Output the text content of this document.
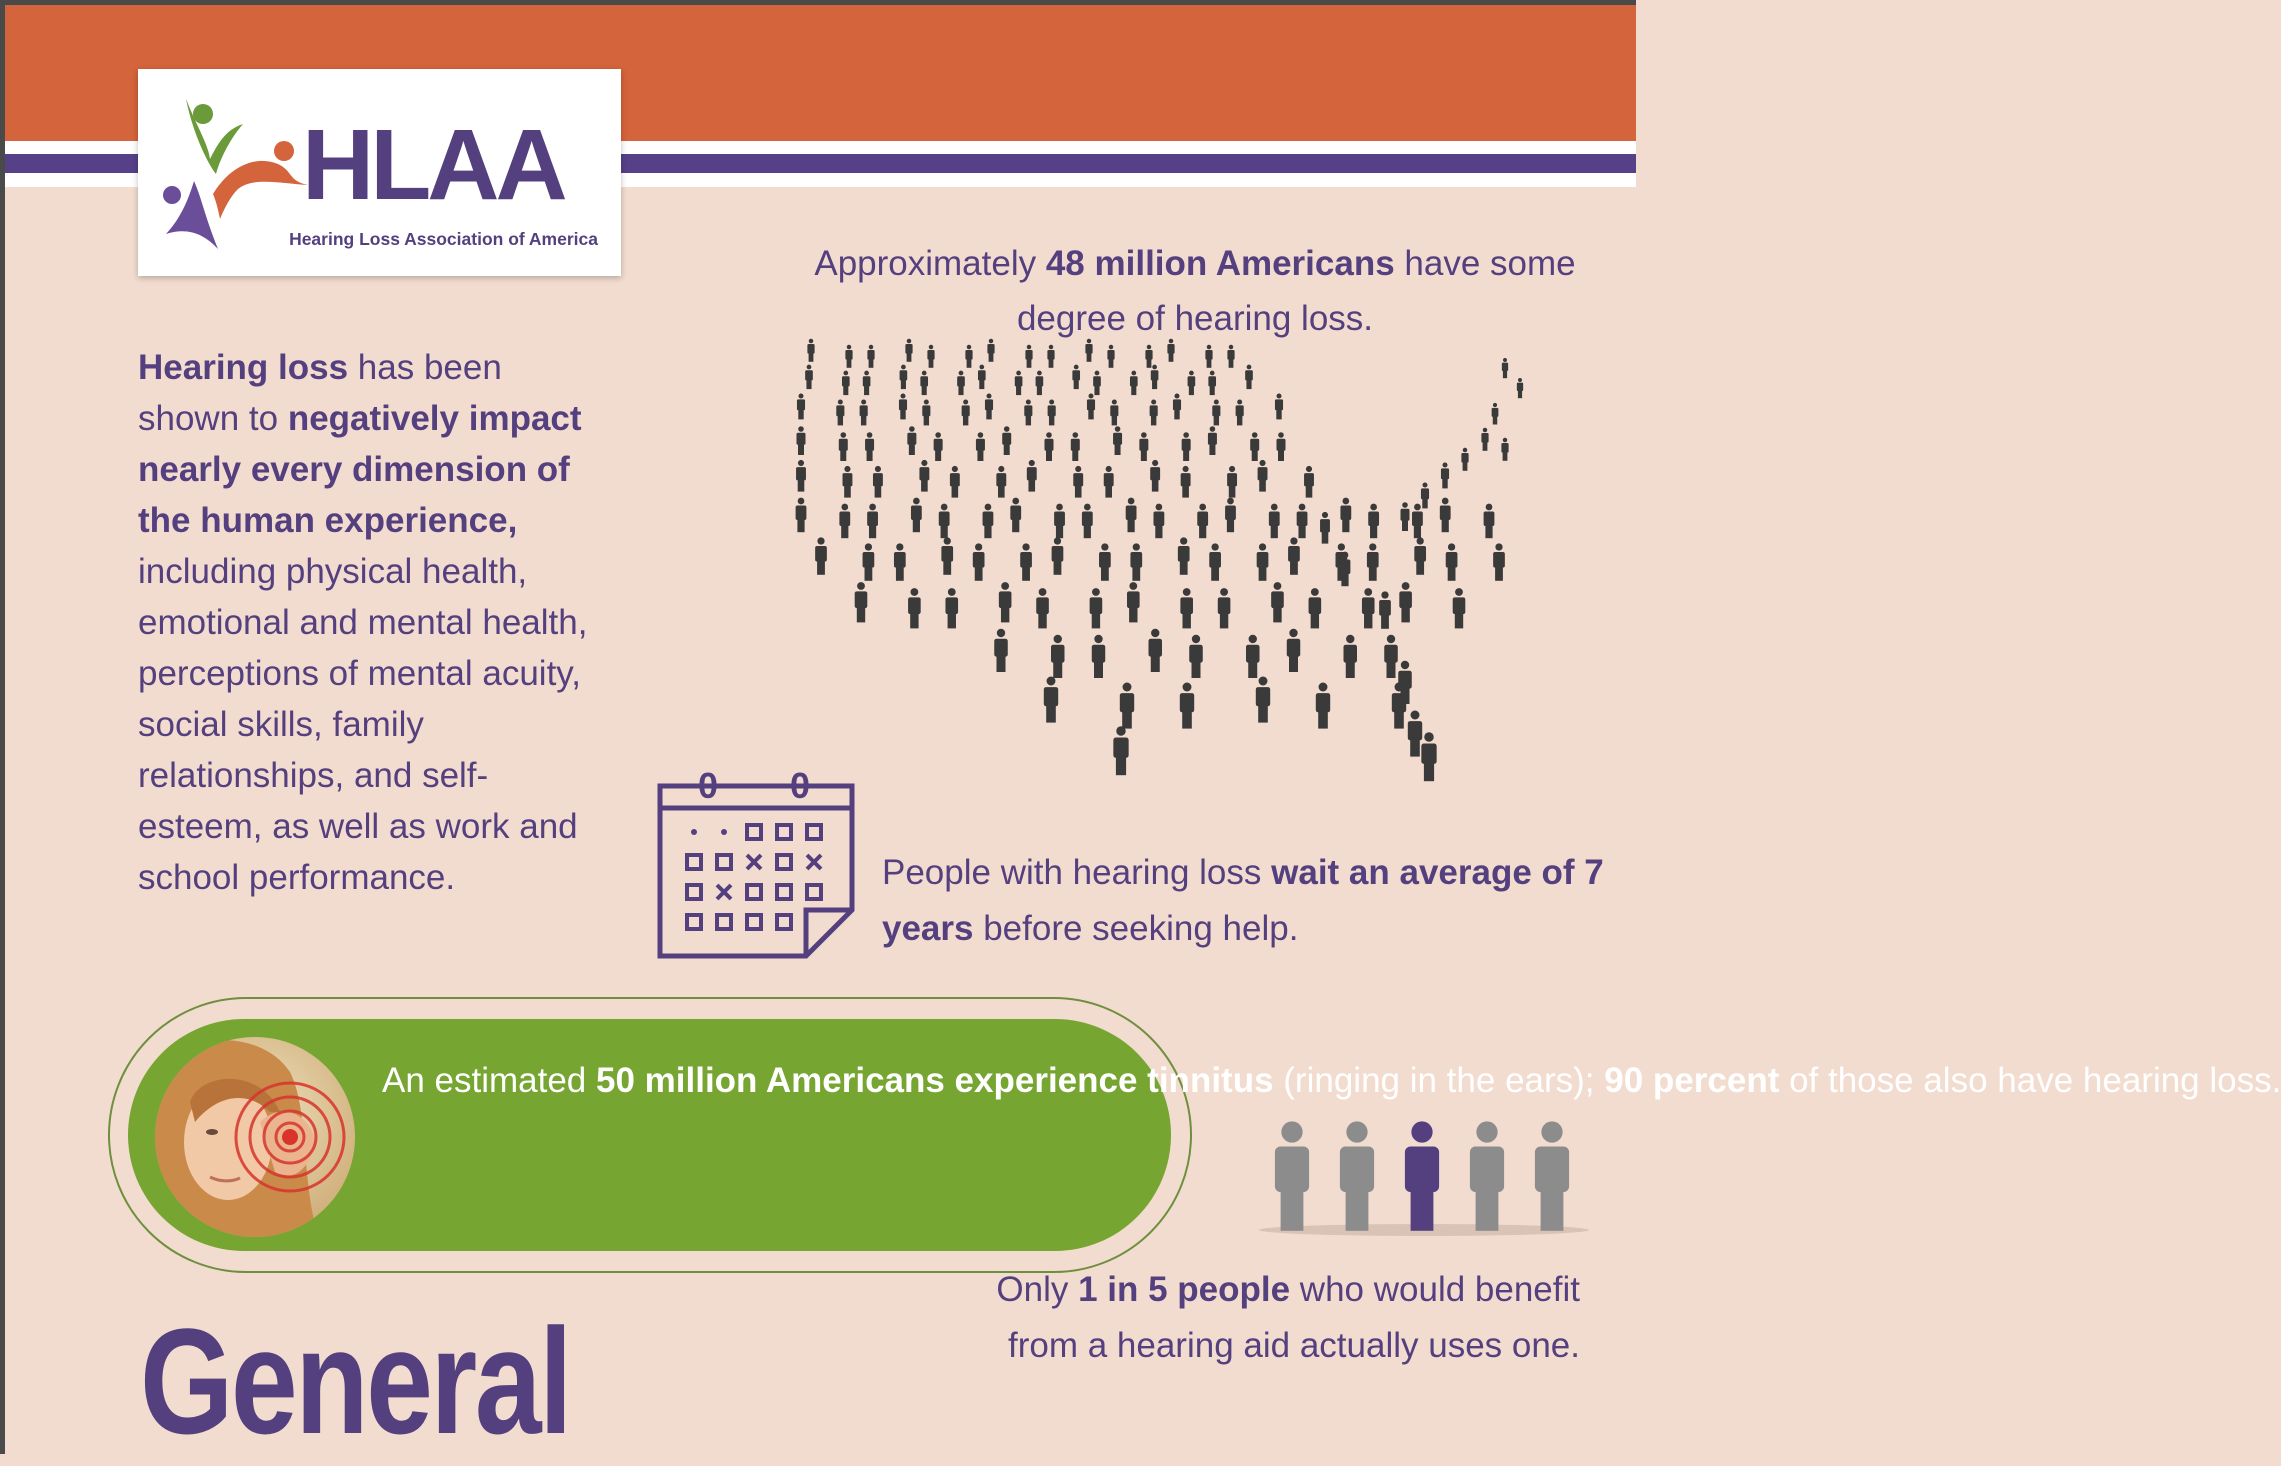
HLAA
Hearing Loss Association of America
Hearing loss has been shown to negatively impact nearly every dimension of the human experience, including physical health, emotional and mental health, perceptions of mental acuity, social skills, family relationships, and self-esteem, as well as work and school performance.
Approximately 48 million Americans have some degree of hearing loss.
0 0
People with hearing loss wait an average of 7 years before seeking help.
An estimated 50 million Americans experience tinnitus (ringing in the ears); 90 percent of those also have hearing loss.
Only 1 in 5 people who would benefit from a hearing aid actually uses one.
General
